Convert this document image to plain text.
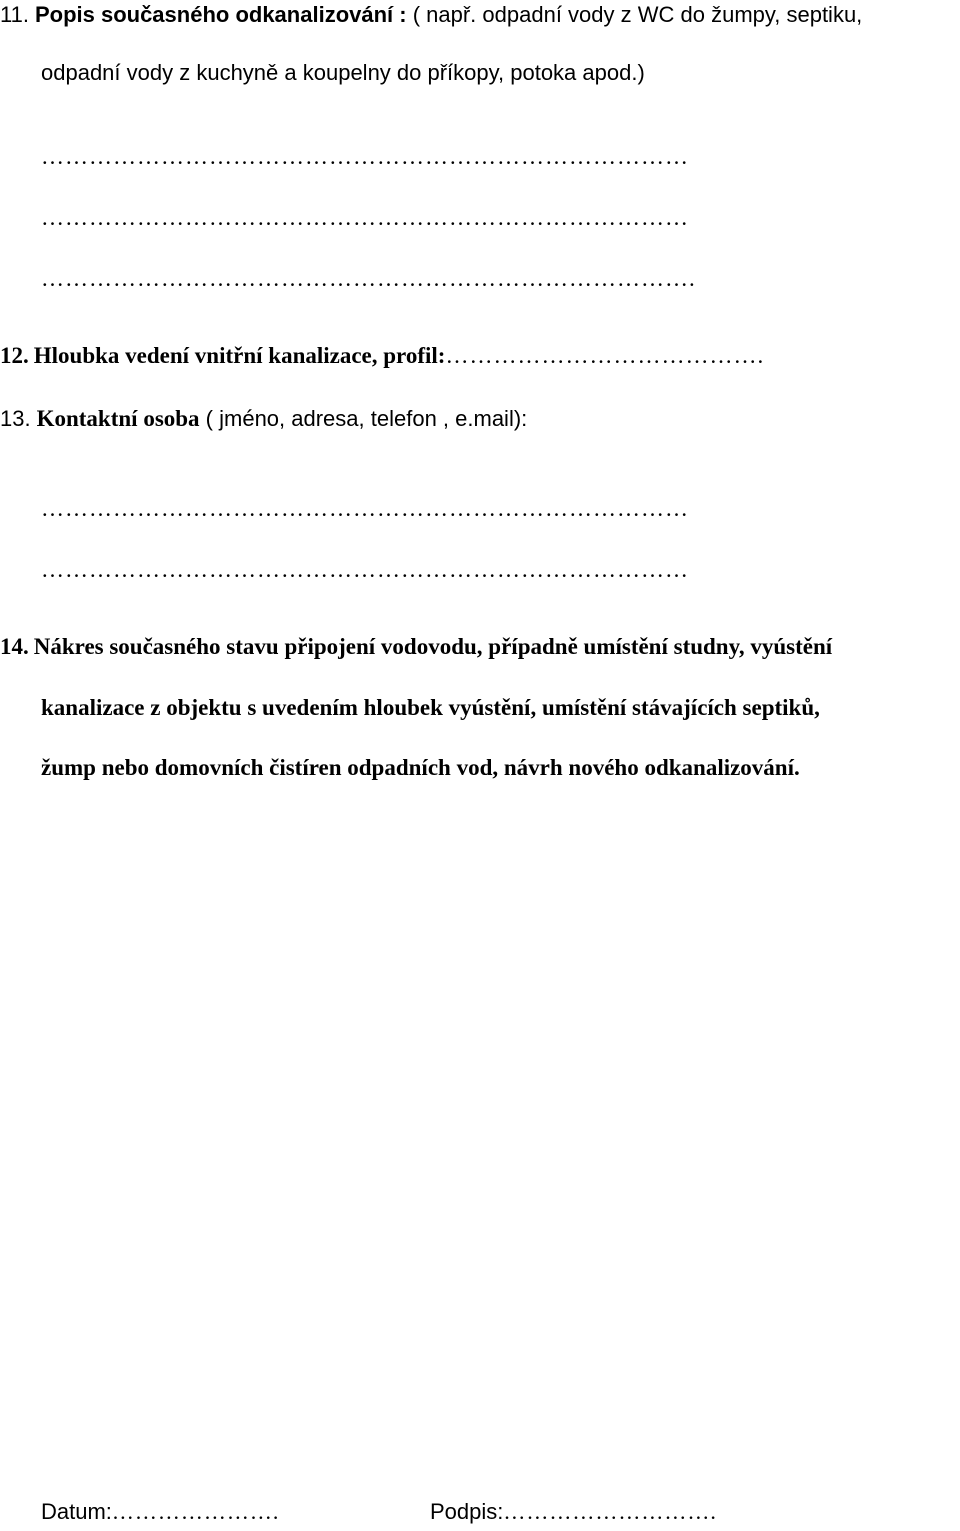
11. Popis současného odkanalizování : ( např. odpadní vody z WC do žumpy, septiku,
odpadní vody z kuchyně a koupelny do příkopy, potoka apod.)
………………………………………………………………………
………………………………………………………………………
……………………………………………………………………….
12. Hloubka vedení vnitřní kanalizace, profil:………………………………….
13. Kontaktní osoba ( jméno, adresa, telefon , e.mail):
………………………………………………………………………
………………………………………………………………………
14. Nákres současného stavu připojení vodovodu, případně umístění studny, vyústění
kanalizace z objektu s uvedením hloubek vyústění, umístění stávajících septiků,
žump nebo domovních čistíren odpadních vod, návrh nového odkanalizování.
Datum:………………….	Podpis:……………………….
